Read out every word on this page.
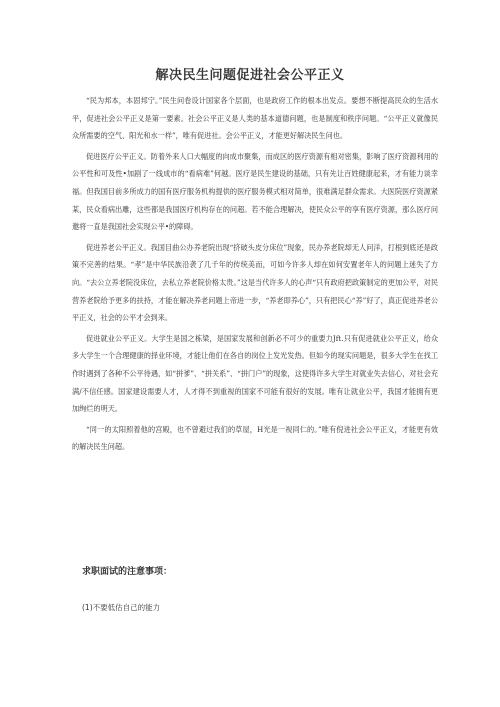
解决民生问题促进社会公平正义

“民为邦本，本固邦宁。”民生问卷设计国家各个层面，也是政府工作的根本出发点。要想不断提高民众的生活水平，促进社会公平正义是第一要素。社会公平正义是人类的基本道德问题，也是制度和秩序问题。“公平正义就像民众所需要的空气、阳光和水一样”，唯有促进社。会公平正义，才能更好解决民生问也。

促进医疗公平正义。防着外来人口大幅度的向成市聚集，而成区的医疗资源有相对密集，影响了医疗资源利用的公平性和可及性•加剧了一线成市的“看病难”何越。医疗是民生建设的基础，只有先让百姓健康起来，才有能力谈幸福。但我国目前多所成力的国有医疗服务机构提供的医疗服务模式相对简单，很难满足群众需求。大医院医疗资源紧某，民众看病出雕，这些都是我国医疗机构存在的问超。若不能合理解决，使民众公平的享有医疗资源，那么医疗问邀将一直是我国社会实现公平•的障碍。

促进养老公平正义。我国目曲公办养老院出现“挤破头皮分床位”现象，民办养老院却无人问洋，打根到底还是政策不完善的结果。“孝”是中华民族沿袭了几千年的传统美而，可如今许多人却在如何安置老年人的问題上迷失了方向。“去公立养老院没床位，去私立养老院价格太贵。”这是当代许多人的心声“只有政府把政策制定的更加公平，对民营养老院给予更多的扶持，才能在解决养老问题上帝进一步，“养老即养心”，只有把民心“养”好了，真正促进养老公平正义，社会的公平才会到来。

促进就业公平正义。大学生是国之栋梁，是国家发展和创新必不可少的重要力Jft.只有促进就业公平正义，给众多大学生一个合理健康的择业环境，才能让他们在各自的岗位上发光发热。但如今的现实问题是，很多大学生在找工作时遇到了各种不公平待遇，如“拼爹”、“拼关系”、“拼门户”的现象，这使得许多大学生对就业失去信心，对社会充满/不信任感。国家建设需要人才，人才得不到重视的国家不可能有很好的发展。唯有让就业公平，我国才能拥有更加绚烂的明天。

“同一的太阳照着他的宫殿，也不曾避过我们的草屋，H光是一视同仁的。”唯有倪进社会公平正义，才能更有效的解决民生问超。

求职面试的注意事项：

(1)不要低估自己的能力
